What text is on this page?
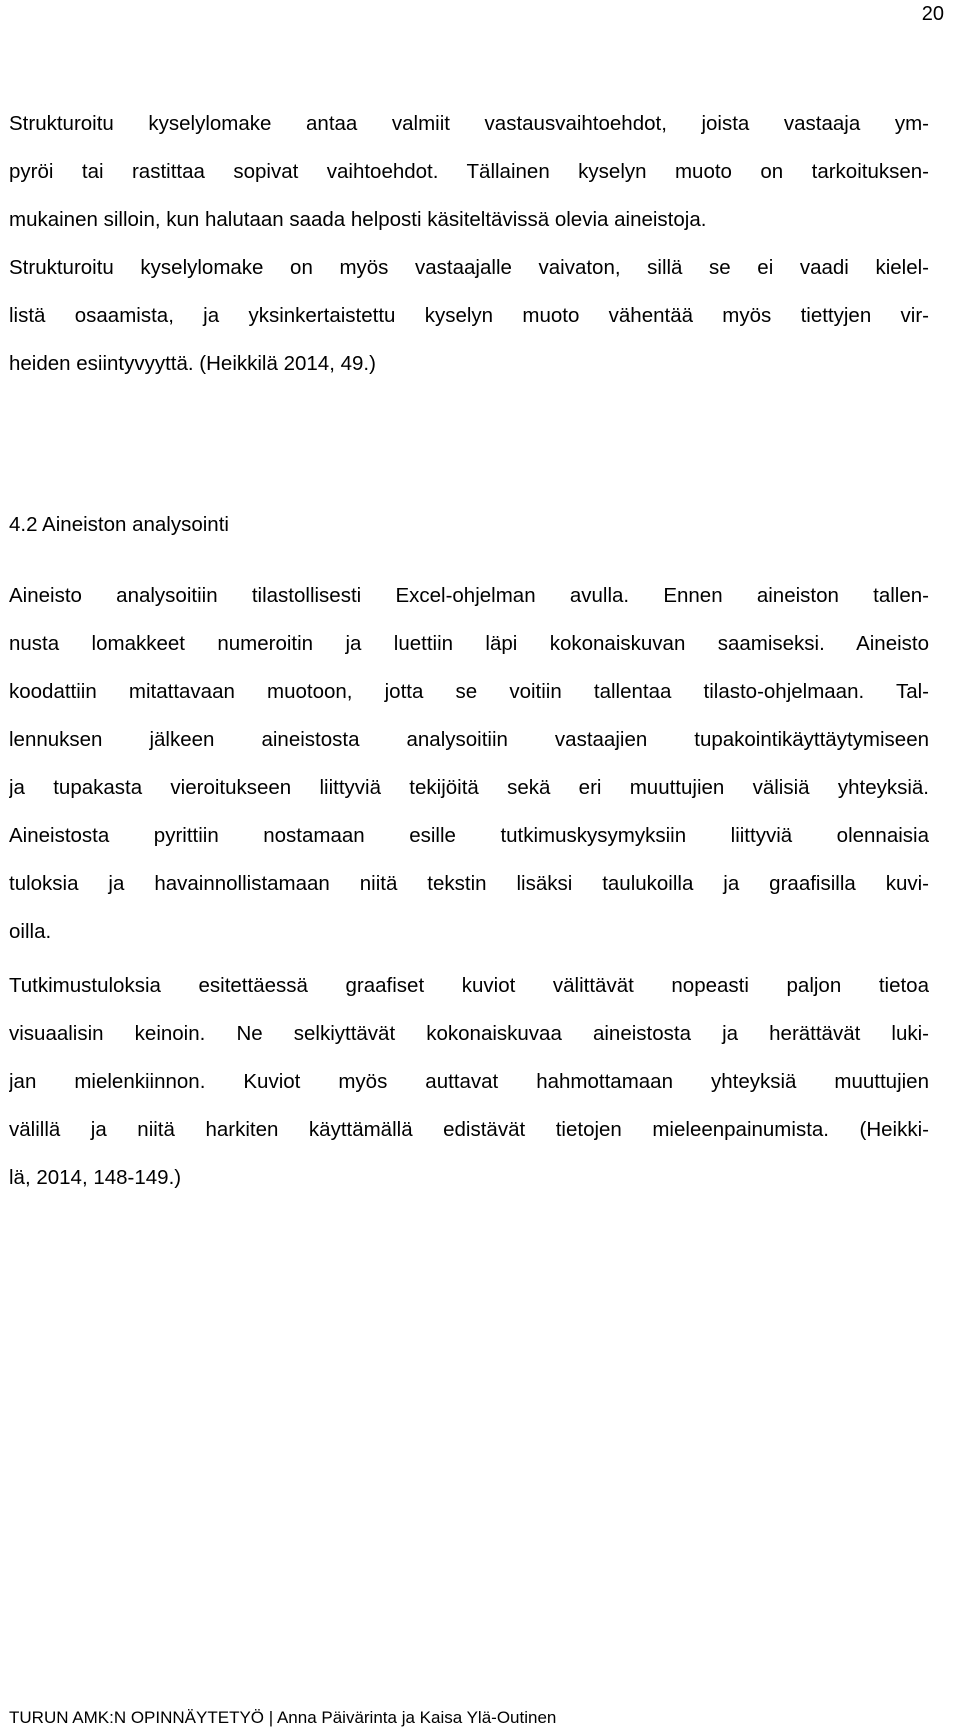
20
Strukturoitu kyselylomake antaa valmiit vastausvaihtoehdot, joista vastaaja ym-
pyröi tai rastittaa sopivat vaihtoehdot. Tällainen kyselyn muoto on tarkoituksen-
mukainen silloin, kun halutaan saada helposti käsiteltävissä olevia aineistoja.
Strukturoitu kyselylomake on myös vastaajalle vaivaton, sillä se ei vaadi kielel-
listä osaamista, ja yksinkertaistettu kyselyn muoto vähentää myös tiettyjen vir-
heiden esiintyvyyttä. (Heikkilä 2014, 49.)
4.2 Aineiston analysointi
Aineisto analysoitiin tilastollisesti Excel-ohjelman avulla. Ennen aineiston tallen-
nusta lomakkeet numeroitin ja luettiin läpi kokonaiskuvan saamiseksi. Aineisto
koodattiin mitattavaan muotoon, jotta se voitiin tallentaa tilasto-ohjelmaan. Tal-
lennuksen jälkeen aineistosta analysoitiin vastaajien tupakointikäyttäytymiseen
ja tupakasta vieroitukseen liittyviä tekijöitä sekä eri muuttujien välisiä yhteyksiä.
Aineistosta pyrittiin nostamaan esille tutkimuskysymyksiin liittyviä olennaisia
tuloksia ja havainnollistamaan niitä tekstin lisäksi taulukoilla ja graafisilla kuvi-
oilla.
Tutkimustuloksia esitettäessä graafiset kuviot välittävät nopeasti paljon tietoa
visuaalisin keinoin. Ne selkiyttävät kokonaiskuvaa aineistosta ja herättävät luki-
jan mielenkiinnon. Kuviot myös auttavat hahmottamaan yhteyksiä muuttujien
välillä ja niitä harkiten käyttämällä edistävät tietojen mieleenpainumista. (Heikki-
lä, 2014, 148-149.)
TURUN AMK:N OPINNÄYTETYÖ | Anna Päivärinta ja Kaisa Ylä-Outinen
